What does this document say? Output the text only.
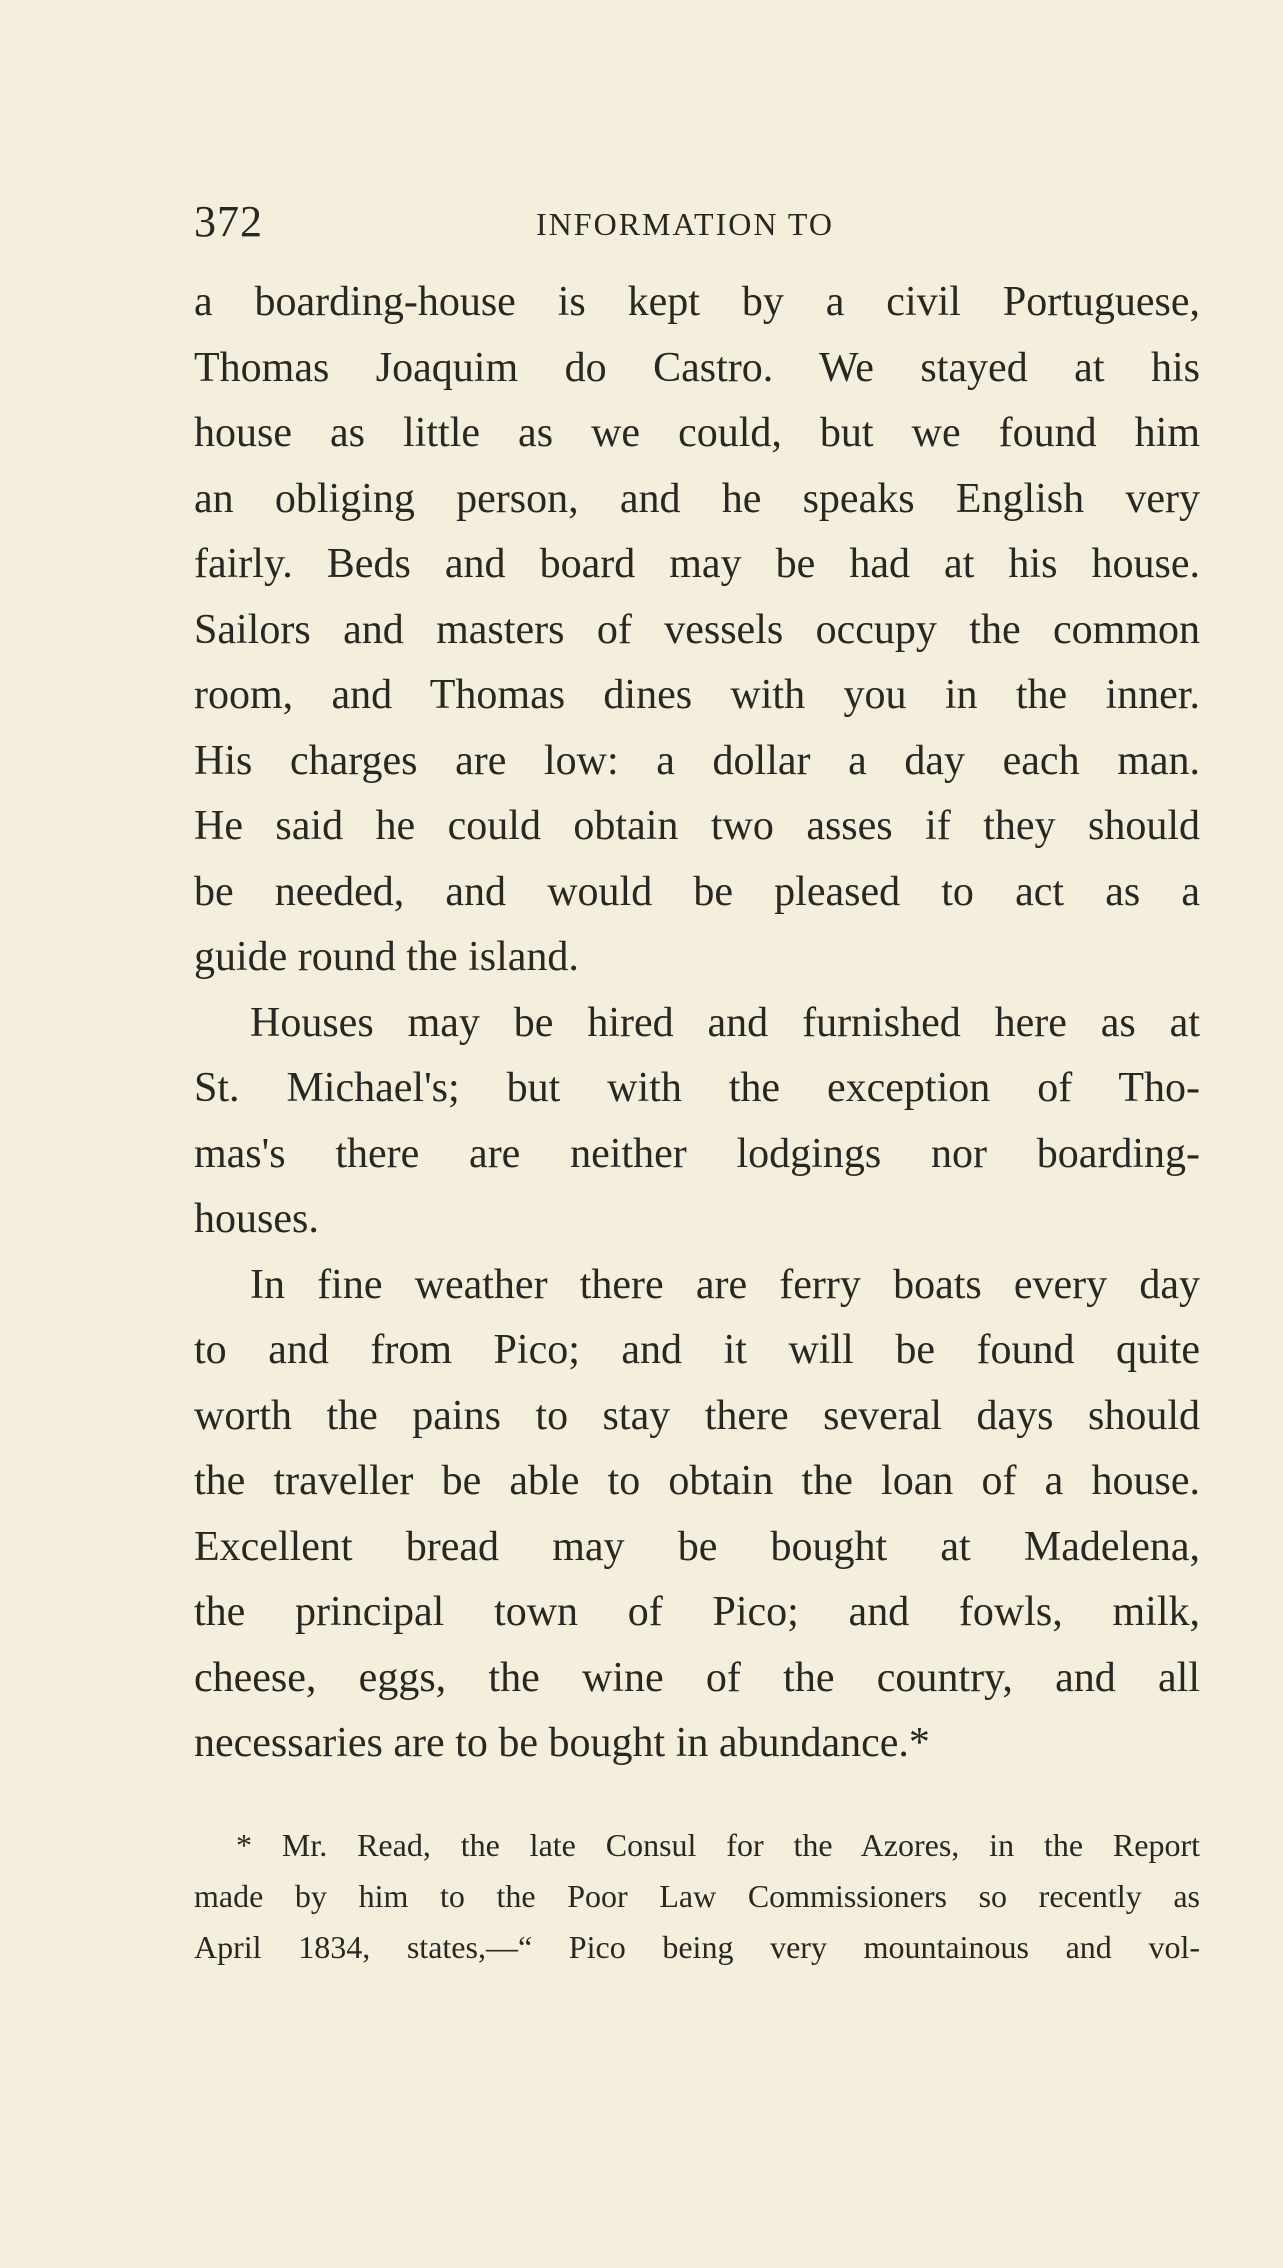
372	INFORMATION TO
a boarding-house is kept by a civil Portuguese,
Thomas Joaquim do Castro. We stayed at his
house as little as we could, but we found him
an obliging person, and he speaks English very
fairly. Beds and board may be had at his house.
Sailors and masters of vessels occupy the common
room, and Thomas dines with you in the inner.
His charges are low: a dollar a day each man.
He said he could obtain two asses if they should
be needed, and would be pleased to act as a
guide round the island.
Houses may be hired and furnished here as at
St. Michael's; but with the exception of Tho-
mas's there are neither lodgings nor boarding-
houses.
In fine weather there are ferry boats every day
to and from Pico; and it will be found quite
worth the pains to stay there several days should
the traveller be able to obtain the loan of a house.
Excellent bread may be bought at Madelena,
the principal town of Pico; and fowls, milk,
cheese, eggs, the wine of the country, and all
necessaries are to be bought in abundance.*
* Mr. Read, the late Consul for the Azores, in the Report
made by him to the Poor Law Commissioners so recently as
April 1834, states,—“ Pico being very mountainous and vol-
